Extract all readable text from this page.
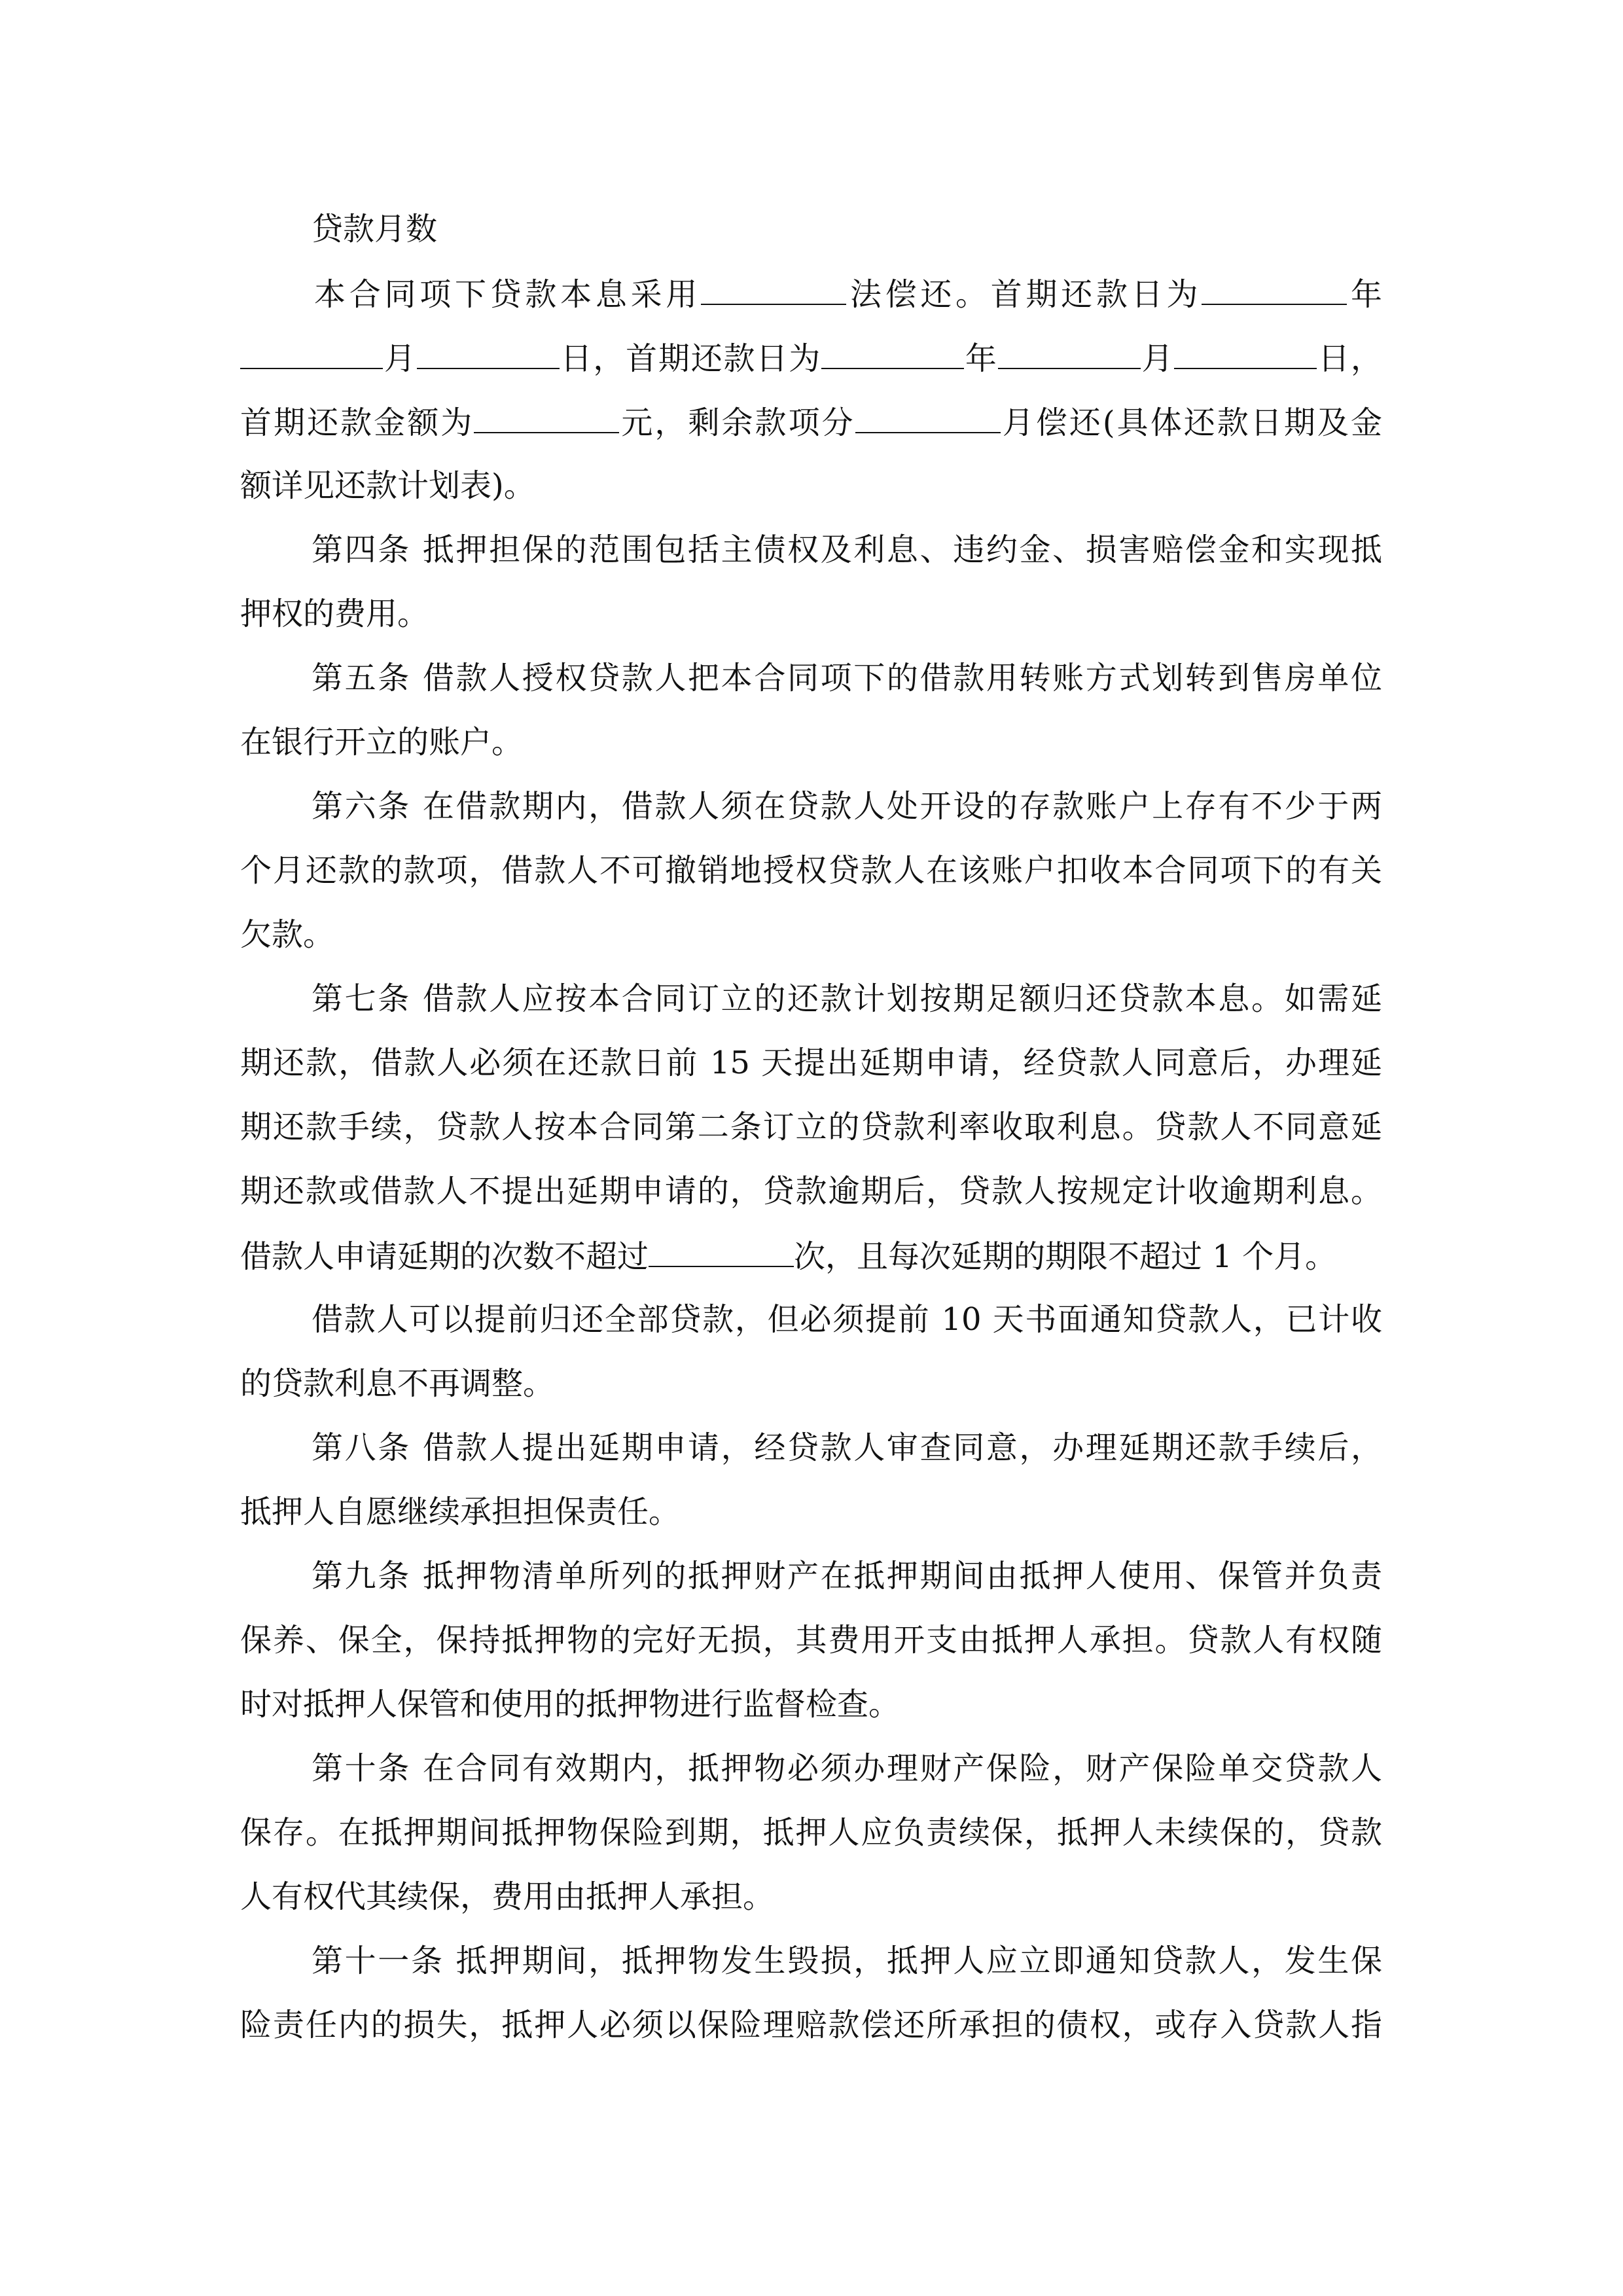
贷款月数
本合同项下贷款本息采用	法偿还。首期还款日为	年
月	日，首期还款日为	年	月	日，
首期还款金额为	元，剩余款项分	月偿还(具体还款日期及金
额详见还款计划表)。
第四条 抵押担保的范围包括主债权及利息、违约金、损害赔偿金和实现抵
押权的费用。
第五条 借款人授权贷款人把本合同项下的借款用转账方式划转到售房单位
在银行开立的账户。
第六条 在借款期内，借款人须在贷款人处开设的存款账户上存有不少于两
个月还款的款项，借款人不可撤销地授权贷款人在该账户扣收本合同项下的有关
欠款。
第七条 借款人应按本合同订立的还款计划按期足额归还贷款本息。如需延
期还款，借款人必须在还款日前 15 天提出延期申请，经贷款人同意后，办理延
期还款手续，贷款人按本合同第二条订立的贷款利率收取利息。贷款人不同意延
期还款或借款人不提出延期申请的，贷款逾期后，贷款人按规定计收逾期利息。
借款人申请延期的次数不超过	次，且每次延期的期限不超过 1 个月。
借款人可以提前归还全部贷款，但必须提前 10 天书面通知贷款人，已计收
的贷款利息不再调整。
第八条 借款人提出延期申请，经贷款人审查同意，办理延期还款手续后，
抵押人自愿继续承担担保责任。
第九条 抵押物清单所列的抵押财产在抵押期间由抵押人使用、保管并负责
保养、保全，保持抵押物的完好无损，其费用开支由抵押人承担。贷款人有权随
时对抵押人保管和使用的抵押物进行监督检查。
第十条 在合同有效期内，抵押物必须办理财产保险，财产保险单交贷款人
保存。在抵押期间抵押物保险到期，抵押人应负责续保，抵押人未续保的，贷款
人有权代其续保，费用由抵押人承担。
第十一条 抵押期间，抵押物发生毁损，抵押人应立即通知贷款人，发生保
险责任内的损失，抵押人必须以保险理赔款偿还所承担的债权，或存入贷款人指
